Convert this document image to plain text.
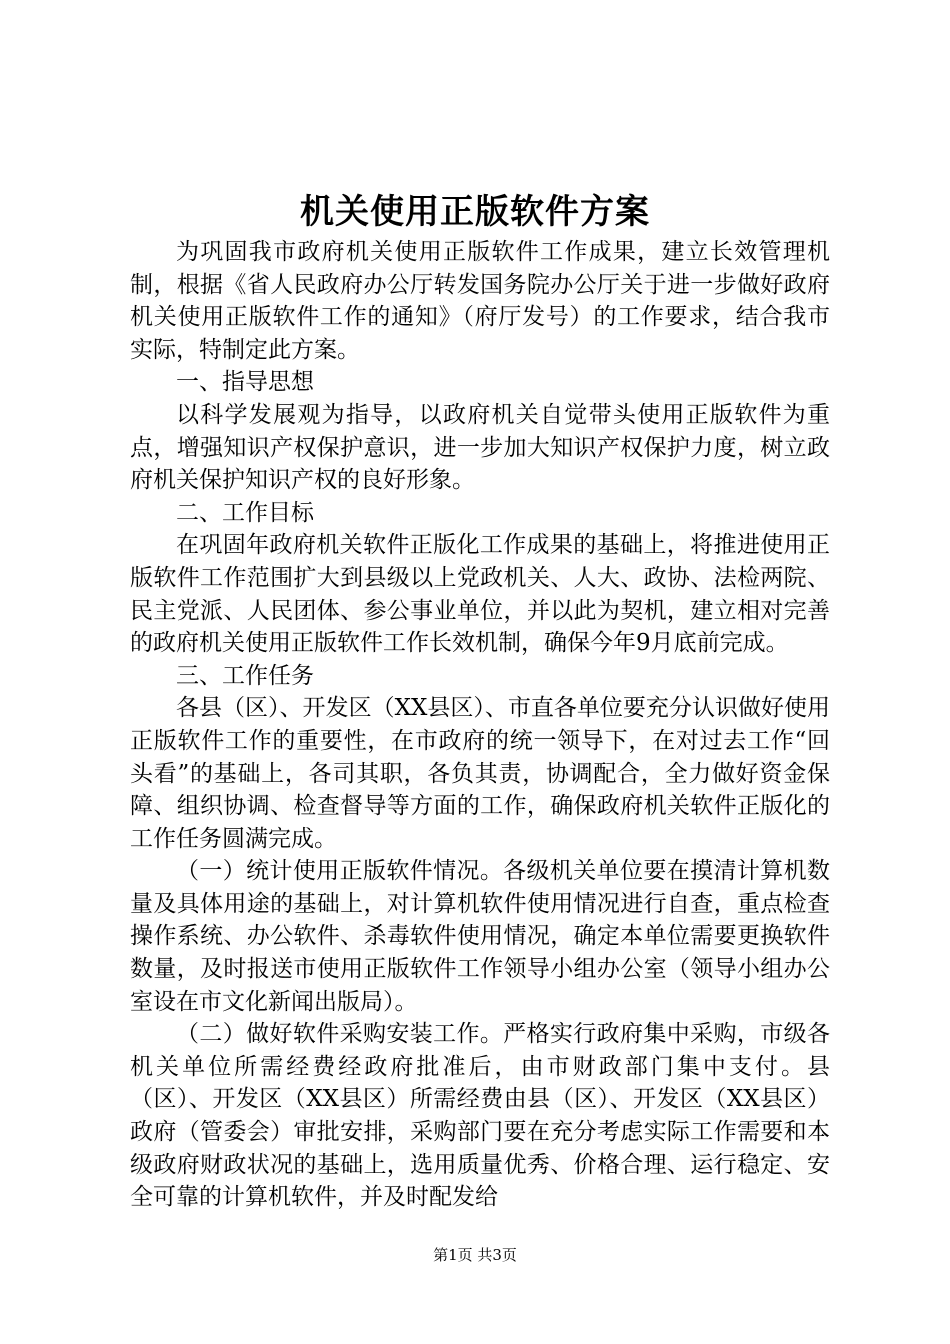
机关使用正版软件方案

为巩固我市政府机关使用正版软件工作成果，建立长效管理机制，根据《省人民政府办公厅转发国务院办公厅关于进一步做好政府机关使用正版软件工作的通知》（府厅发号）的工作要求，结合我市实际，特制定此方案。

一、指导思想

以科学发展观为指导，以政府机关自觉带头使用正版软件为重点，增强知识产权保护意识，进一步加大知识产权保护力度，树立政府机关保护知识产权的良好形象。

二、工作目标

在巩固年政府机关软件正版化工作成果的基础上，将推进使用正版软件工作范围扩大到县级以上党政机关、人大、政协、法检两院、民主党派、人民团体、参公事业单位，并以此为契机，建立相对完善的政府机关使用正版软件工作长效机制，确保今年9月底前完成。

三、工作任务

各县（区）、开发区（XX县区）、市直各单位要充分认识做好使用正版软件工作的重要性，在市政府的统一领导下，在对过去工作“回头看”的基础上，各司其职，各负其责，协调配合，全力做好资金保障、组织协调、检查督导等方面的工作，确保政府机关软件正版化的工作任务圆满完成。

（一）统计使用正版软件情况。各级机关单位要在摸清计算机数量及具体用途的基础上，对计算机软件使用情况进行自查，重点检查操作系统、办公软件、杀毒软件使用情况，确定本单位需要更换软件数量，及时报送市使用正版软件工作领导小组办公室（领导小组办公室设在市文化新闻出版局）。

（二）做好软件采购安装工作。严格实行政府集中采购，市级各机关单位所需经费经政府批准后，由市财政部门集中支付。县（区）、开发区（XX县区）所需经费由县（区）、开发区（XX县区）政府（管委会）审批安排，采购部门要在充分考虑实际工作需要和本级政府财政状况的基础上，选用质量优秀、价格合理、运行稳定、安全可靠的计算机软件，并及时配发给

第1页 共3页
